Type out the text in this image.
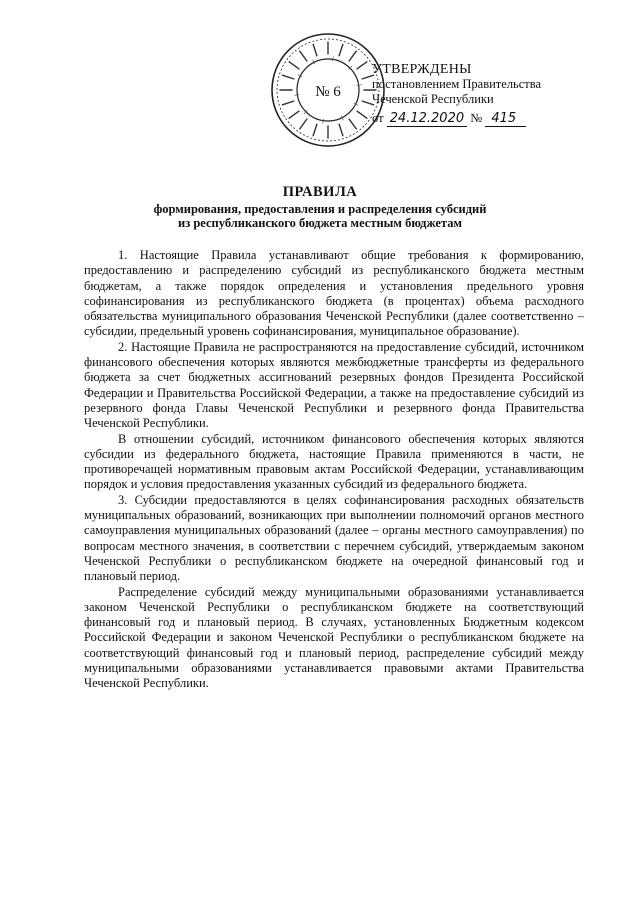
№ 6
УТВЕРЖДЕНЫ
постановлением Правительства
Чеченской Республики
от 24.12.2020 № 415
ПРАВИЛА
формирования, предоставления и распределения субсидий
из республиканского бюджета местным бюджетам

1. Настоящие Правила устанавливают общие требования к формированию, предоставлению и распределению субсидий из республиканского бюджета местным бюджетам, а также порядок определения и установления предельного уровня софинансирования из республиканского бюджета (в процентах) объема расходного обязательства муниципального образования Чеченской Республики (далее соответственно – субсидии, предельный уровень софинансирования, муниципальное образование).

2. Настоящие Правила не распространяются на предоставление субсидий, источником финансового обеспечения которых являются межбюджетные трансферты из федерального бюджета за счет бюджетных ассигнований резервных фондов Президента Российской Федерации и Правительства Российской Федерации, а также на предоставление субсидий из резервного фонда Главы Чеченской Республики и резервного фонда Правительства Чеченской Республики.

В отношении субсидий, источником финансового обеспечения которых являются субсидии из федерального бюджета, настоящие Правила применяются в части, не противоречащей нормативным правовым актам Российской Федерации, устанавливающим порядок и условия предоставления указанных субсидий из федерального бюджета.

3. Субсидии предоставляются в целях софинансирования расходных обязательств муниципальных образований, возникающих при выполнении полномочий органов местного самоуправления муниципальных образований (далее – органы местного самоуправления) по вопросам местного значения, в соответствии с перечнем субсидий, утверждаемым законом Чеченской Республики о республиканском бюджете на очередной финансовый год и плановый период.

Распределение субсидий между муниципальными образованиями устанавливается законом Чеченской Республики о республиканском бюджете на соответствующий финансовый год и плановый период. В случаях, установленных Бюджетным кодексом Российской Федерации и законом Чеченской Республики о республиканском бюджете на соответствующий финансовый год и плановый период, распределение субсидий между муниципальными образованиями устанавливается правовыми актами Правительства Чеченской Республики.
